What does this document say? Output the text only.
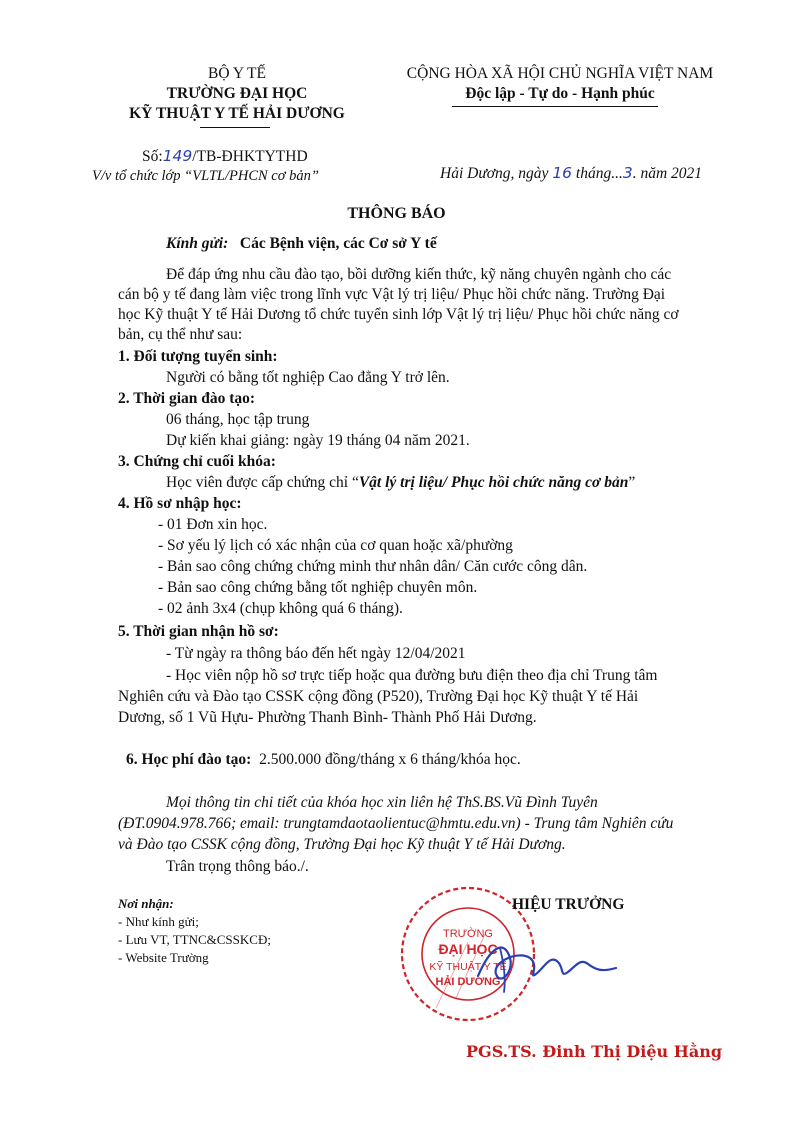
BỘ Y TẾ
TRƯỜNG ĐẠI HỌC
KỸ THUẬT Y TẾ HẢI DƯƠNG
CỘNG HÒA XÃ HỘI CHỦ NGHĨA VIỆT NAM
Độc lập - Tự do - Hạnh phúc
Số:149/TB-ĐHKTYTHD
V/v tổ chức lớp “VLTL/PHCN cơ bản”	Hải Dương, ngày 16 tháng...3. năm 2021
THÔNG BÁO
Kính gửi: Các Bệnh viện, các Cơ sở Y tế
Để đáp ứng nhu cầu đào tạo, bồi dưỡng kiến thức, kỹ năng chuyên ngành cho các
cán bộ y tế đang làm việc trong lĩnh vực Vật lý trị liệu/ Phục hồi chức năng. Trường Đại
học Kỹ thuật Y tế Hải Dương tổ chức tuyển sinh lớp Vật lý trị liệu/ Phục hồi chức năng cơ
bản, cụ thể như sau:
1. Đối tượng tuyển sinh:
Người có bằng tốt nghiệp Cao đẳng Y trở lên.
2. Thời gian đào tạo:
06 tháng, học tập trung
Dự kiến khai giảng: ngày 19 tháng 04 năm 2021.
3. Chứng chỉ cuối khóa:
Học viên được cấp chứng chỉ “Vật lý trị liệu/ Phục hồi chức năng cơ bản”
4. Hồ sơ nhập học:
- 01 Đơn xin học.
- Sơ yếu lý lịch có xác nhận của cơ quan hoặc xã/phường
- Bản sao công chứng chứng minh thư nhân dân/ Căn cước công dân.
- Bản sao công chứng bằng tốt nghiệp chuyên môn.
- 02 ảnh 3x4 (chụp không quá 6 tháng).
5. Thời gian nhận hồ sơ:
- Từ ngày ra thông báo đến hết ngày 12/04/2021
- Học viên nộp hồ sơ trực tiếp hoặc qua đường bưu điện theo địa chỉ Trung tâm
Nghiên cứu và Đào tạo CSSK cộng đồng (P520), Trường Đại học Kỹ thuật Y tế Hải
Dương, số 1 Vũ Hựu- Phường Thanh Bình- Thành Phố Hải Dương.
6. Học phí đào tạo: 2.500.000 đồng/tháng x 6 tháng/khóa học.
Mọi thông tin chi tiết của khóa học xin liên hệ ThS.BS.Vũ Đình Tuyên
(ĐT.0904.978.766; email: trungtamdaotaolientuc@hmtu.edu.vn) - Trung tâm Nghiên cứu
và Đào tạo CSSK cộng đồng, Trường Đại học Kỹ thuật Y tế Hải Dương.
Trân trọng thông báo./.
Nơi nhận:
- Như kính gửi;
- Lưu VT, TTNC&CSSKCĐ;
- Website Trường
TRƯỜNG
ĐẠI HỌC
KỸ THUẬT Y TẾ
HẢI DƯƠNG
HIỆU TRƯỞNG
PGS.TS. Đinh Thị Diệu Hằng
